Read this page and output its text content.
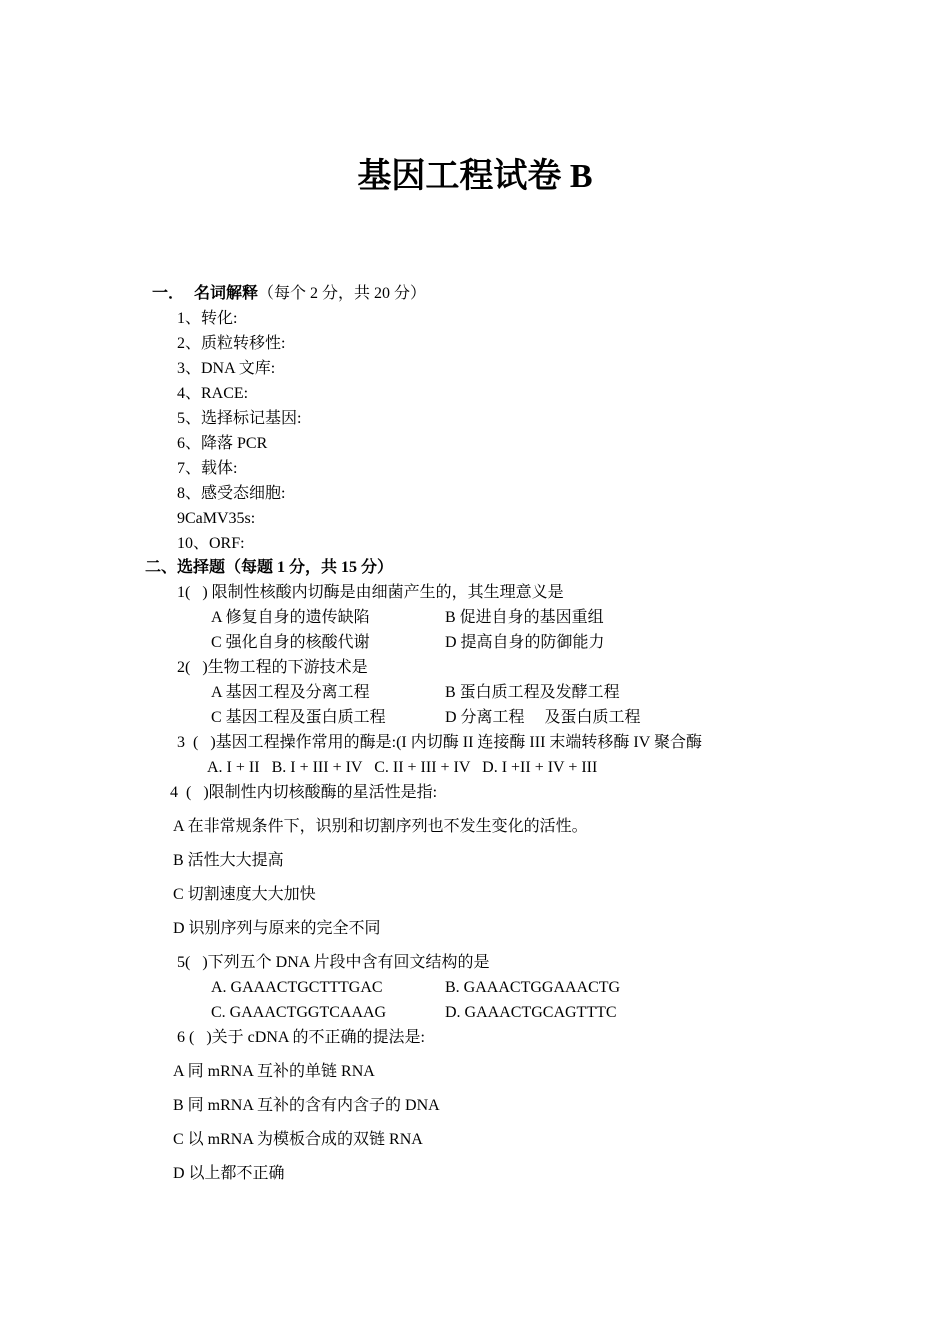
基因工程试卷 B
一． 名词解释（每个 2 分，共 20 分）
1、转化:
2、质粒转移性:
3、DNA 文库:
4、RACE:
5、选择标记基因:
6、降落 PCR
7、载体:
8、感受态细胞:
9CaMV35s:
10、ORF:
二、选择题（每题 1 分，共 15 分）
1(   ) 限制性核酸内切酶是由细菌产生的，其生理意义是
A 修复自身的遗传缺陷	B 促进自身的基因重组
C 强化自身的核酸代谢	D 提高自身的防御能力
2(   )生物工程的下游技术是
A 基因工程及分离工程	B 蛋白质工程及发酵工程
C 基因工程及蛋白质工程	D 分离工程     及蛋白质工程
3  (   )基因工程操作常用的酶是:(I 内切酶 II 连接酶 III 末端转移酶 IV 聚合酶
A. I + II   B. I + III + IV   C. II + III + IV   D. I +II + IV + III
4  (   )限制性内切核酸酶的星活性是指:
A 在非常规条件下，识别和切割序列也不发生变化的活性。
B 活性大大提高
C 切割速度大大加快
D 识别序列与原来的完全不同
5(   )下列五个 DNA 片段中含有回文结构的是
A. GAAACTGCTTTGAC	B. GAAACTGGAAACTG
C. GAAACTGGTCAAAG	D. GAAACTGCAGTTTC
6 (   )关于 cDNA 的不正确的提法是:
A 同 mRNA 互补的单链 RNA
B 同 mRNA 互补的含有内含子的 DNA
C 以 mRNA 为模板合成的双链 RNA
D 以上都不正确
